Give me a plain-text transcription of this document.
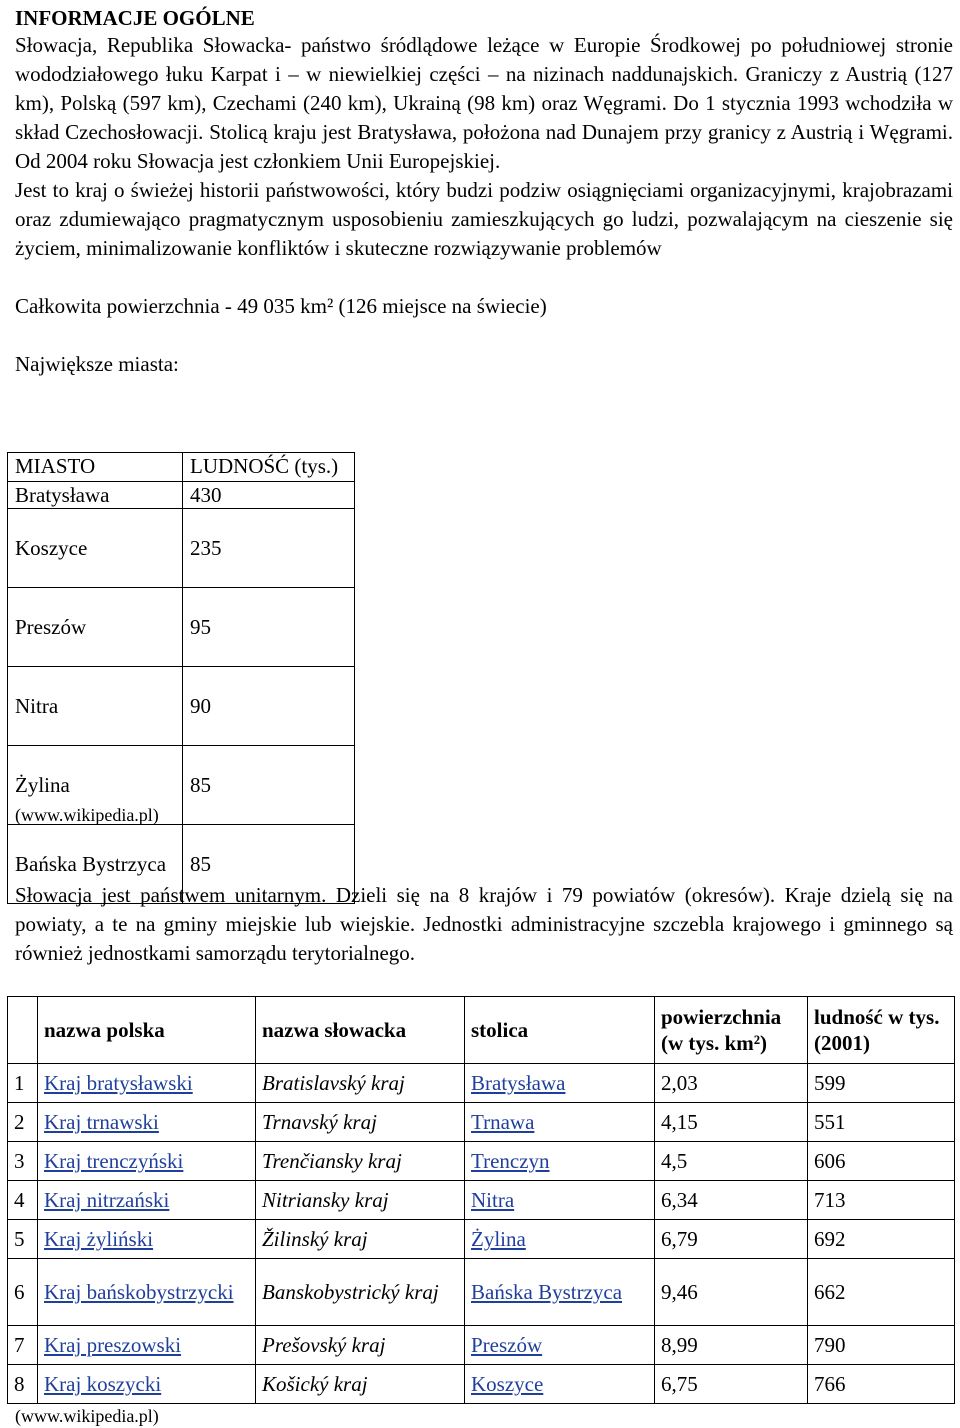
INFORMACJE OGÓLNE

Słowacja, Republika Słowacka- państwo śródlądowe leżące w Europie Środkowej po południowej stronie wododziałowego łuku Karpat i – w niewielkiej części – na nizinach naddunajskich. Graniczy z Austrią (127 km), Polską (597 km), Czechami (240 km), Ukrainą (98 km) oraz Węgrami. Do 1 stycznia 1993 wchodziła w skład Czechosłowacji. Stolicą kraju jest Bratysława, położona nad Dunajem przy granicy z Austrią i Węgrami. Od 2004 roku Słowacja jest członkiem Unii Europejskiej.

Jest to kraj o świeżej historii państwowości, który budzi podziw osiągnięciami organizacyjnymi, krajobrazami oraz zdumiewająco pragmatycznym usposobieniu zamieszkujących go ludzi, pozwalającym na cieszenie się życiem, minimalizowanie konfliktów i skuteczne rozwiązywanie problemów

Całkowita powierzchnia - 49 035 km² (126 miejsce na świecie)

Największe miasta:

MIASTO	LUDNOŚĆ (tys.)
Bratysława	430
Koszyce	235
Preszów	95
Nitra	90
Żylina	85
Bańska Bystrzyca	85
(www.wikipedia.pl)

Słowacja jest państwem unitarnym. Dzieli się na 8 krajów i 79 powiatów (okresów). Kraje dzielą się na powiaty, a te na gminy miejskie lub wiejskie. Jednostki administracyjne szczebla krajowego i gminnego są również jednostkami samorządu terytorialnego.

	nazwa polska	nazwa słowacka	stolica	powierzchnia (w tys. km²)	ludność w tys. (2001)
1	Kraj bratysławski	Bratislavský kraj	Bratysława	2,03	599
2	Kraj trnawski	Trnavský kraj	Trnawa	4,15	551
3	Kraj trenczyński	Trenčiansky kraj	Trenczyn	4,5	606
4	Kraj nitrzański	Nitriansky kraj	Nitra	6,34	713
5	Kraj żyliński	Žilinský kraj	Żylina	6,79	692
6	Kraj bańskobystrzycki	Banskobystrický kraj	Bańska Bystrzyca	9,46	662
7	Kraj preszowski	Prešovský kraj	Preszów	8,99	790
8	Kraj koszycki	Košický kraj	Koszyce	6,75	766
(www.wikipedia.pl)
